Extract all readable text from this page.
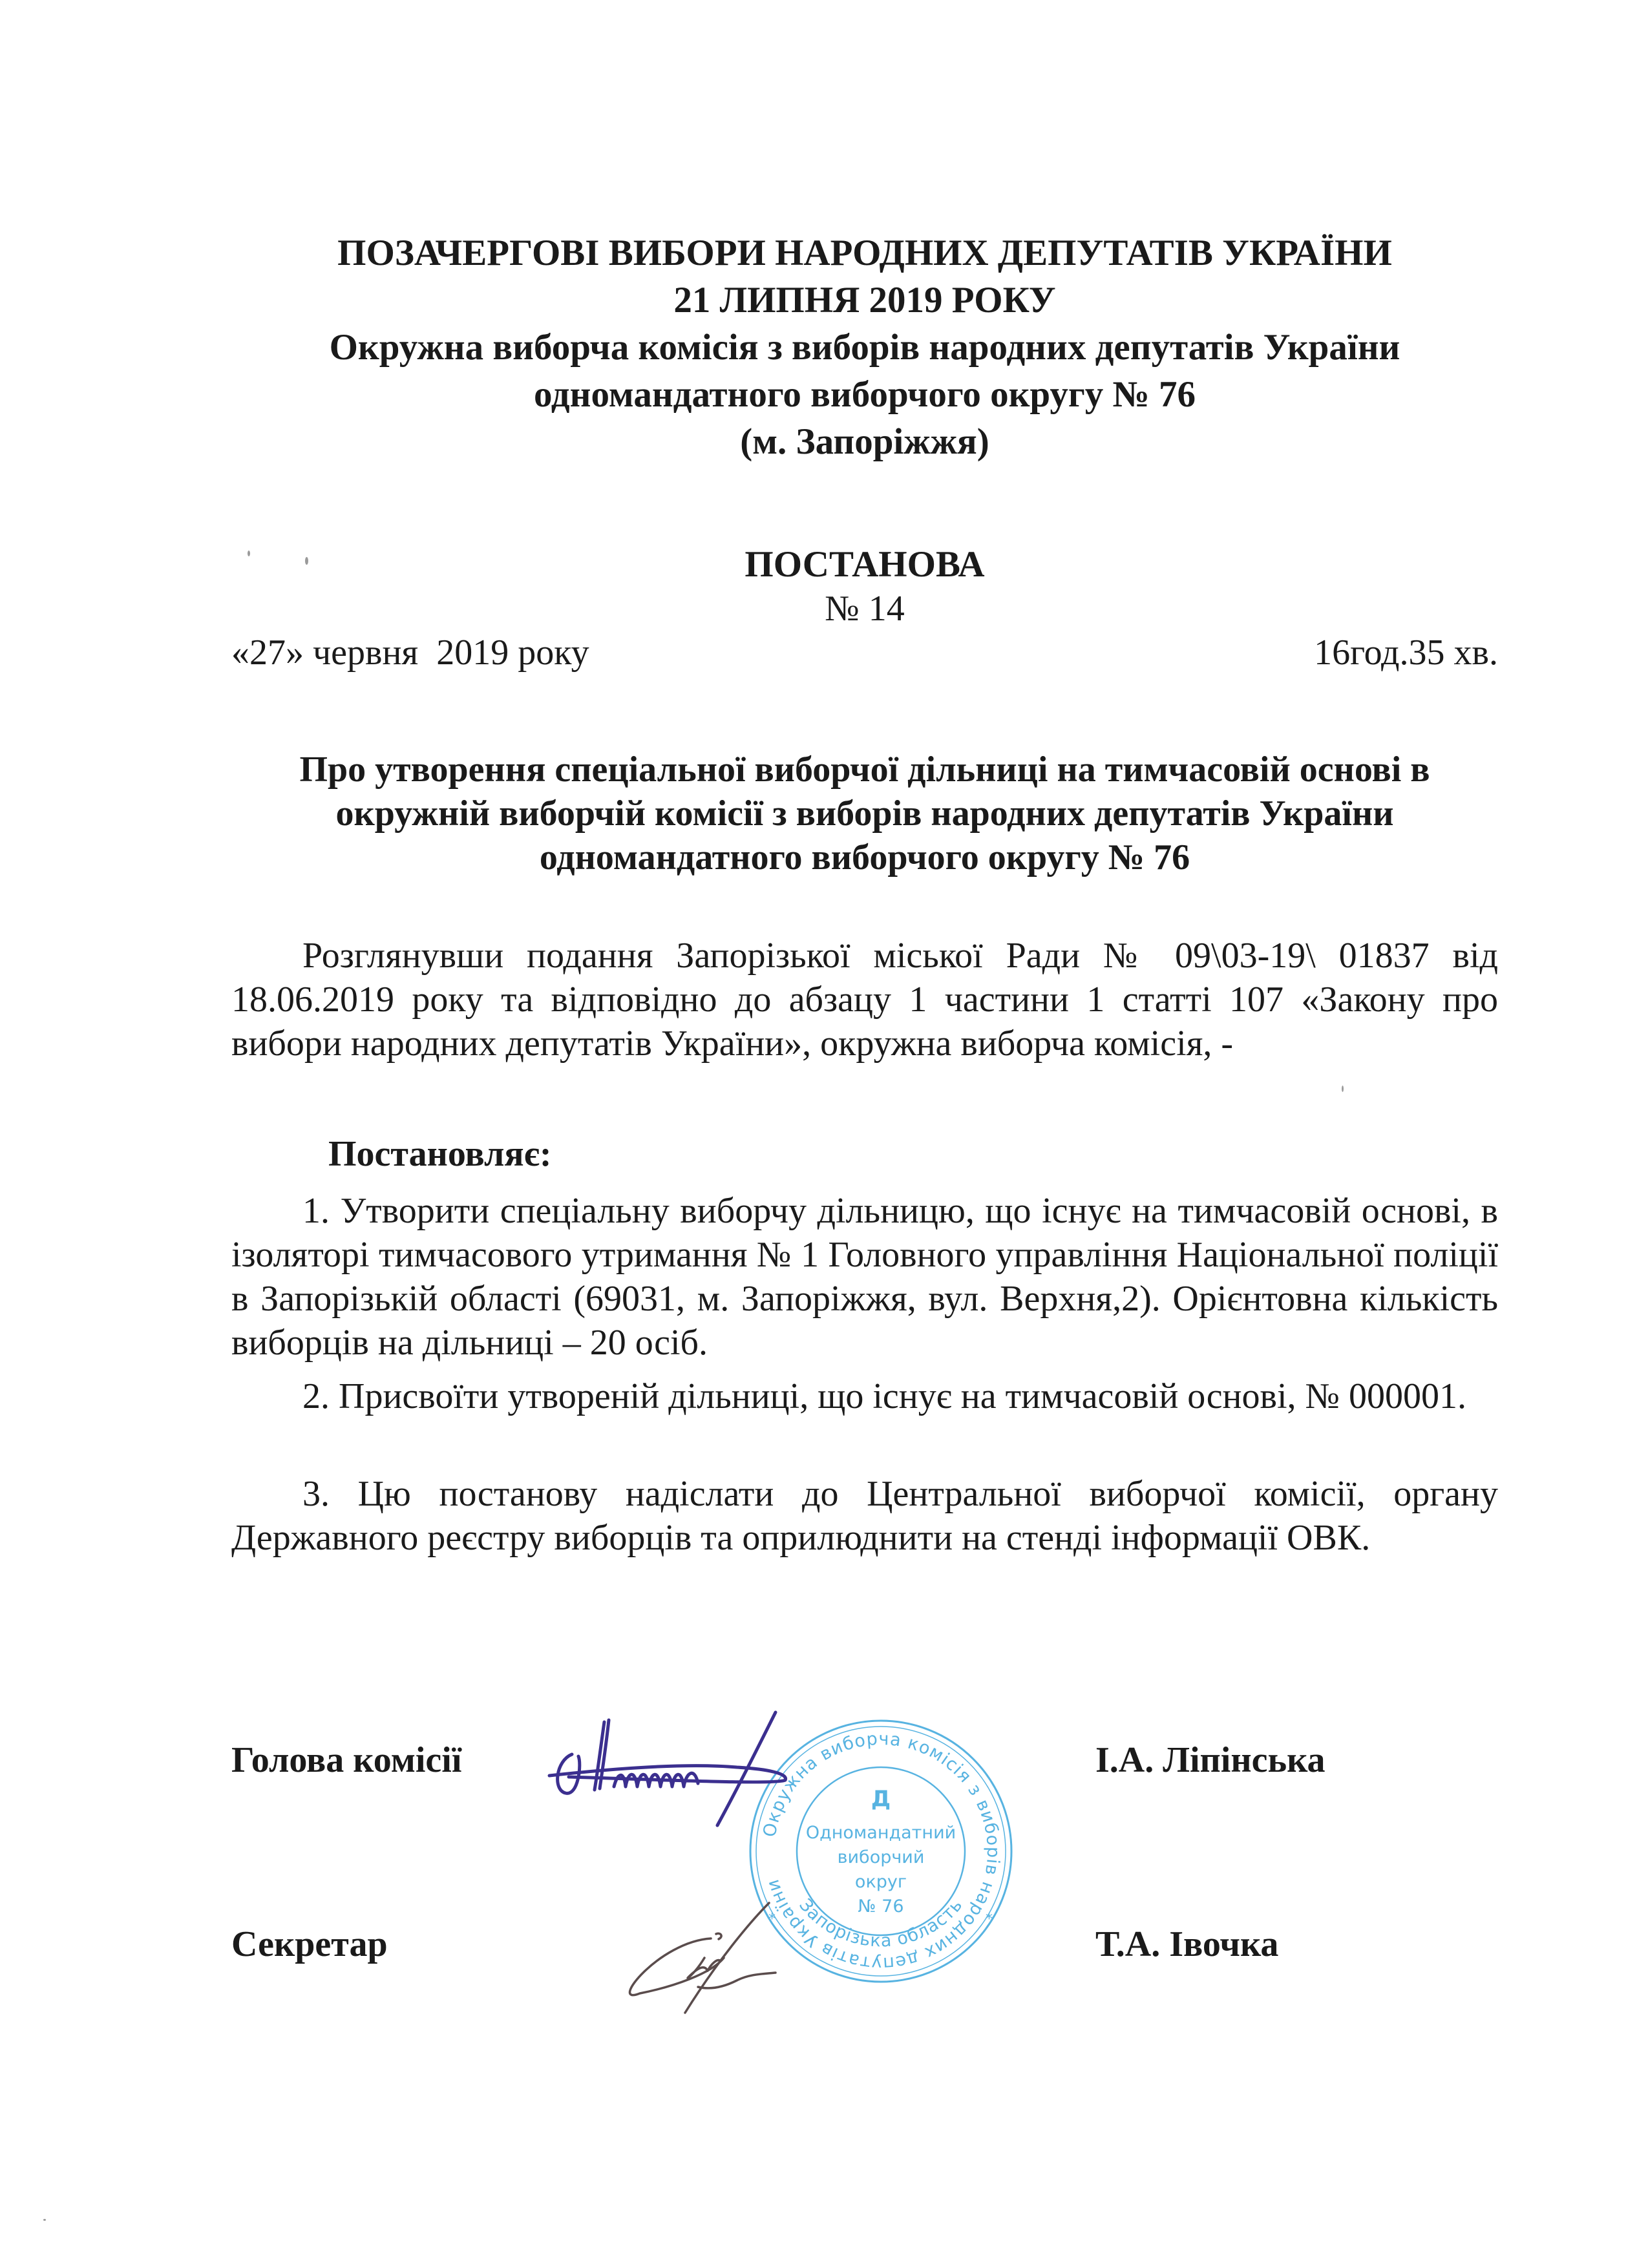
ПОЗАЧЕРГОВІ ВИБОРИ НАРОДНИХ ДЕПУТАТІВ УКРАЇНИ

21 ЛИПНЯ 2019 РОКУ

Окружна виборча комісія з виборів народних депутатів України

одномандатного виборчого округу № 76

(м. Запоріжжя)

ПОСТАНОВА
№ 14
«27» червня  2019 року	16год.35 хв.
Про утворення спеціальної виборчої дільниці на тимчасовій основі в
окружній виборчій комісії з виборів народних депутатів України
одномандатного виборчого округу № 76

Розглянувши подання Запорізької міської Ради № 09\03-19\ 01837 від 18.06.2019 року та відповідно до абзацу 1 частини 1 статті 107 «Закону про вибори народних депутатів України», окружна виборча комісія, -

Постановляє:

1. Утворити спеціальну виборчу дільницю, що існує на тимчасовій основі, в ізоляторі тимчасового утримання № 1 Головного управління Національної поліції в Запорізькій області (69031, м. Запоріжжя, вул. Верхня,2). Орієнтовна кількість виборців на дільниці – 20 осіб.

2. Присвоїти утвореній дільниці, що існує на тимчасовій основі, № 000001.

3. Цю постанову надіслати до Центральної виборчої комісії, органу Державного реєстру виборців та оприлюднити на стенді інформації ОВК.

Голова комісії	І.А. Ліпінська
Секретар	Т.А. Івочка
Окружна виборча комісія з виборів народних депутатів України
Запорізька область
Д
Одномандатний
виборчий
округ
№ 76
*	*
